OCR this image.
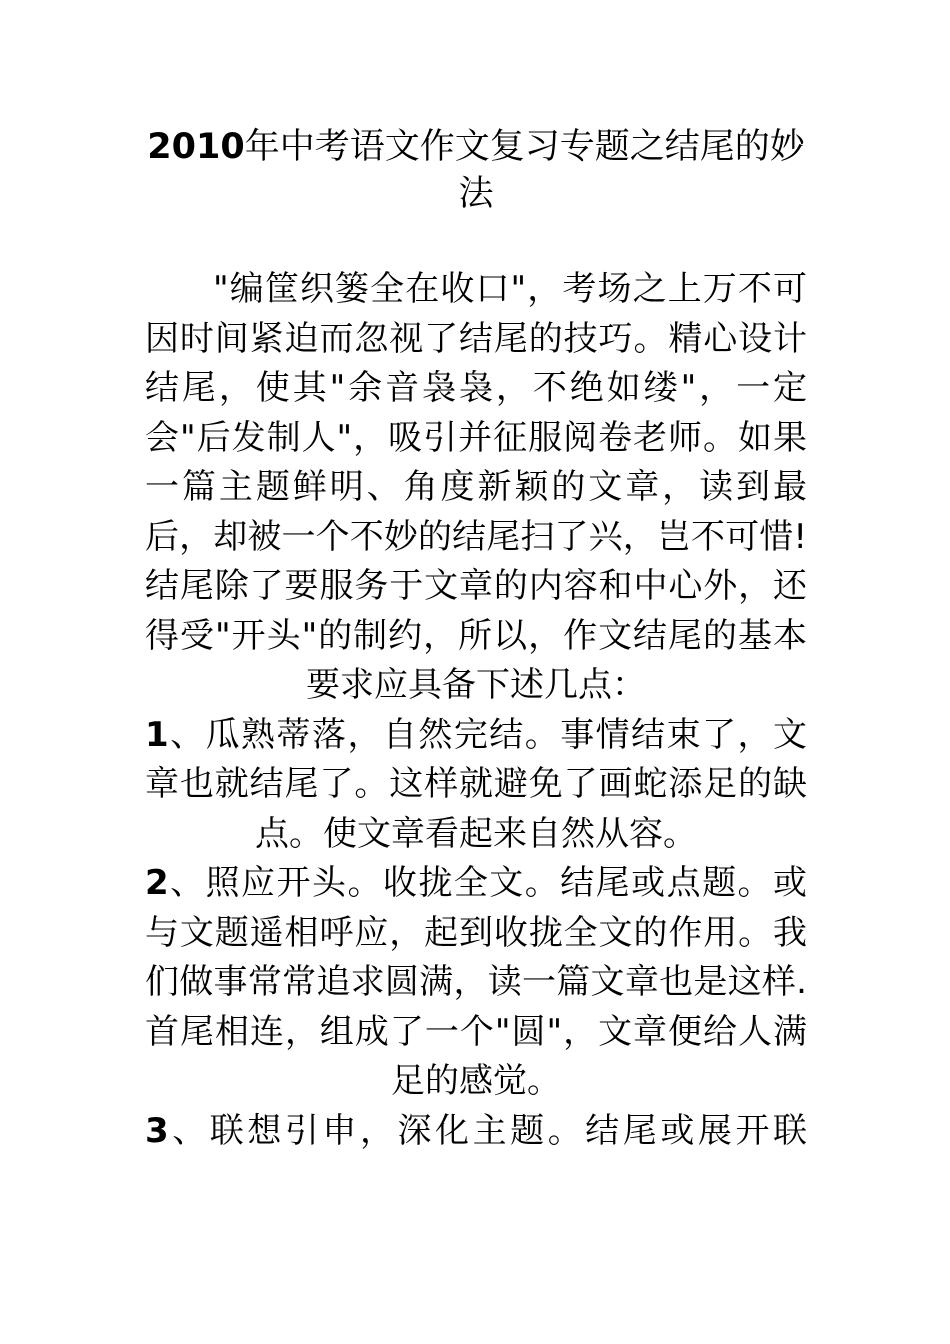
2010年中考语文作文复习专题之结尾的妙法

"编筐织篓全在收口"，考场之上万不可因时间紧迫而忽视了结尾的技巧。精心设计结尾，使其"余音袅袅，不绝如缕"，一定会"后发制人"，吸引并征服阅卷老师。如果一篇主题鲜明、角度新颖的文章，读到最后，却被一个不妙的结尾扫了兴，岂不可惜!结尾除了要服务于文章的内容和中心外，还得受"开头"的制约，所以，作文结尾的基本要求应具备下述几点：

1、瓜熟蒂落，自然完结。事情结束了，文章也就结尾了。这样就避免了画蛇添足的缺点。使文章看起来自然从容。

2、照应开头。收拢全文。结尾或点题。或与文题遥相呼应，起到收拢全文的作用。我们做事常常追求圆满，读一篇文章也是这样. 首尾相连，组成了一个"圆"，文章便给人满足的感觉。

3、联想引申，深化主题。结尾或展开联
